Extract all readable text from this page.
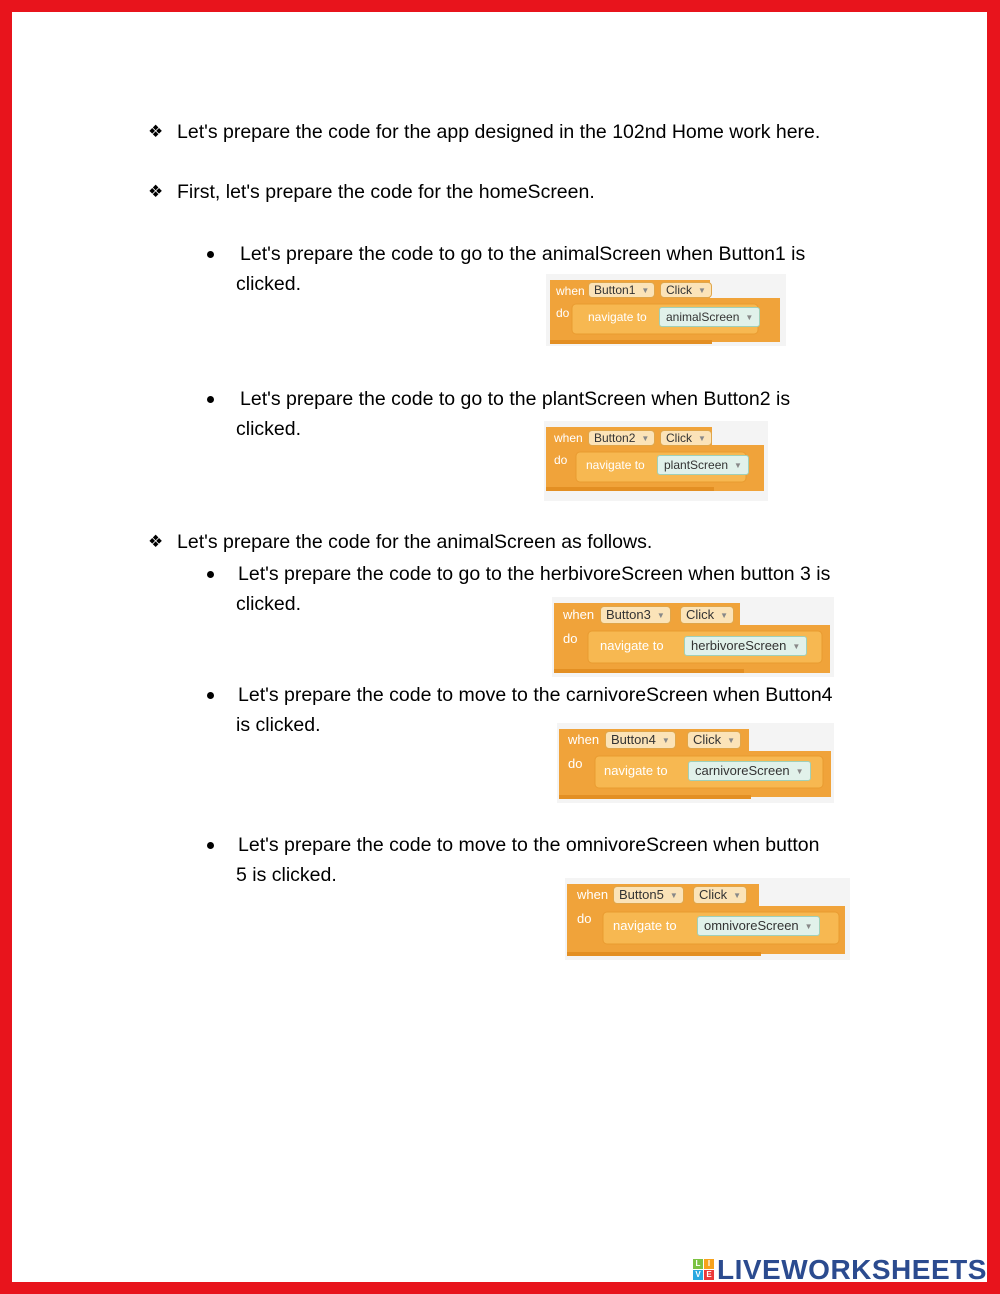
❖ Let's prepare the code for the app designed in the 102nd Home work here.
❖ First, let's prepare the code for the homeScreen.
Let's prepare the code to go to the animalScreen when Button1 is
clicked.	when
do
Button1 ▼	Click ▼
navigate to	animalScreen ▼
Let's prepare the code to go to the plantScreen when Button2 is
clicked.	when
do
Button2 ▼	Click ▼
navigate to	plantScreen ▼
❖ Let's prepare the code for the animalScreen as follows.
Let's prepare the code to go to the herbivoreScreen when button 3 is
clicked.	when
do
Button3 ▼	Click ▼
navigate to	herbivoreScreen ▼
Let's prepare the code to move to the carnivoreScreen when Button4
is clicked.
when
do
Button4 ▼	Click ▼
navigate to	carnivoreScreen ▼
Let's prepare the code to move to the omnivoreScreen when button
5 is clicked.
when
do
Button5 ▼	Click ▼
navigate to	omnivoreScreen ▼
L I
V E LIVEWORKSHEETS
